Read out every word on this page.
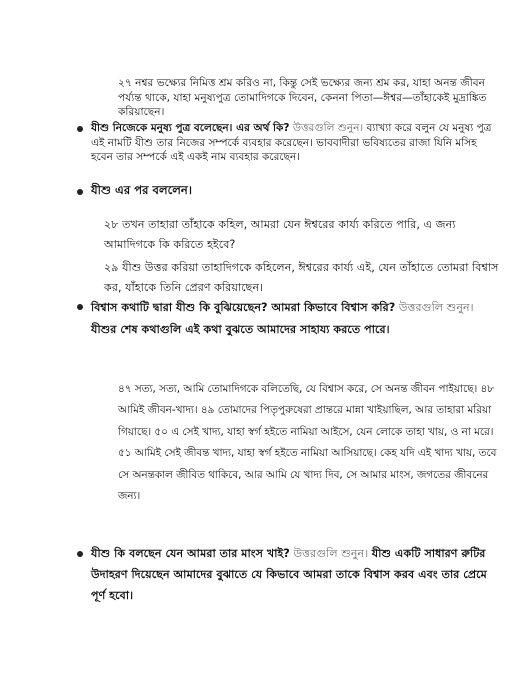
২৭ নশ্বর ভক্ষ্যের নিমিত্ত শ্রম করিও না, কিন্তু সেই ভক্ষ্যের জন্য শ্রম কর, যাহা অনন্ত জীবন পর্য্যন্ত থাকে, যাহা মনুষ্যপুত্র তোমাদিগকে দিবেন, কেননা পিতা—ঈশ্বর—তাঁহাকেই মুদ্রাঙ্কিত করিয়াছেন।

যীশু নিজেকে মনুষ্য পুত্র বলেছেন। এর অর্থ কি? উত্তরগুলি শুনুন। ব্যাখ্যা করে বলুন যে মনুষ্য পুত্র এই নামটি যীশু তার নিজের সম্পর্কে ব্যবহার করেছেন। ভাববাদীরা ভবিষ্যতের রাজা যিনি মসিহ হবেন তার সম্পর্কে এই একই নাম ব্যবহার করেছেন।
যীশু এর পর বললেন।

২৮ তখন তাহারা তাঁহাকে কহিল, আমরা যেন ঈশ্বরের কার্য্য করিতে পারি, এ জন্য আমাদিগকে কি করিতে হইবে?

২৯ যীশু উত্তর করিয়া তাহাদিগকে কহিলেন, ঈশ্বরের কার্য্য এই, যেন তাঁহাতে তোমরা বিশ্বাস কর, যাঁহাকে তিনি প্রেরণ করিয়াছেন।

বিশ্বাস কথাটি দ্বারা যীশু কি বুঝিয়েছেন? আমরা কিভাবে বিশ্বাস করি? উত্তরগুলি শুনুন। যীশুর শেষ কথাগুলি এই কথা বুঝতে আমাদের সাহায্য করতে পারে।

৪৭ সত্য, সত্য, আমি তোমাদিগকে বলিতেছি, যে বিশ্বাস করে, সে অনন্ত জীবন পাইয়াছে। ৪৮ আমিই জীবন-খাদ্য। ৪৯ তোমাদের পিতৃপুরুষেরা প্রান্তরে মান্না খাইয়াছিল, আর তাহারা মরিয়া গিয়াছে। ৫০ এ সেই খাদ্য, যাহা স্বর্গ হইতে নামিয়া আইসে, যেন লোকে তাহা খায়, ও না মরে। ৫১ আমিই সেই জীবন্ত খাদ্য, যাহা স্বর্গ হইতে নামিয়া আসিয়াছে। কেহ যদি এই খাদ্য খায়, তবে সে অনন্তকাল জীবিত থাকিবে, আর আমি যে খাদ্য দিব, সে আমার মাংস, জগতের জীবনের জন্য।

যীশু কি বলছেন যেন আমরা তার মাংস খাই? উত্তরগুলি শুনুন। যীশু একটি সাধারণ রুটির উদাহরণ দিয়েছেন আমাদের বুঝাতে যে কিভাবে আমরা তাকে বিশ্বাস করব এবং তার প্রেমে পূর্ণ হবো।
